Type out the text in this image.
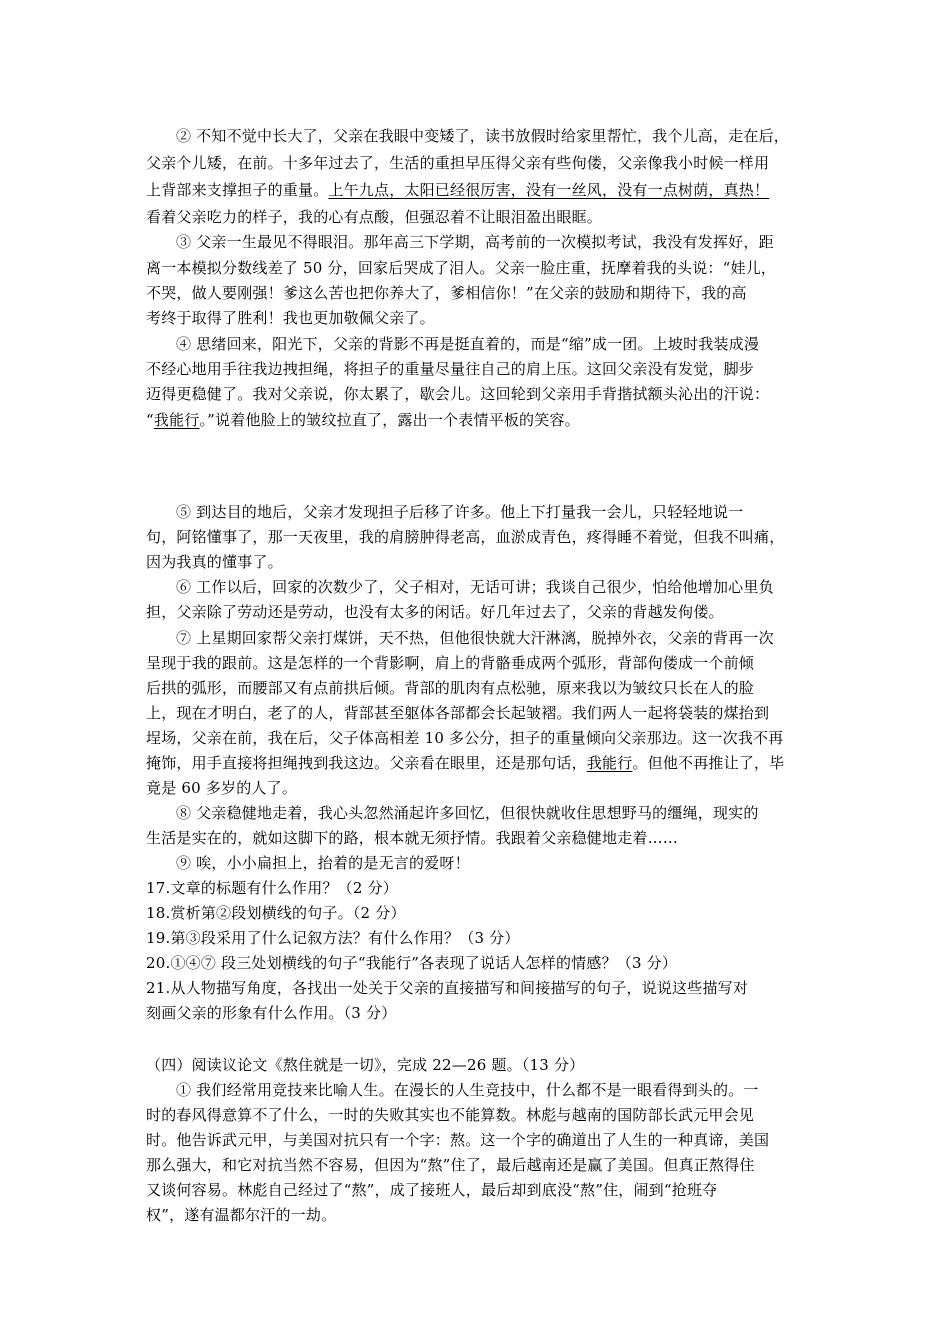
② 不知不觉中长大了，父亲在我眼中变矮了，读书放假时给家里帮忙，我个儿高，走在后，
父亲个儿矮，在前。十多年过去了，生活的重担早压得父亲有些佝偻，父亲像我小时候一样用
上背部来支撑担子的重量。上午九点，太阳已经很厉害，没有一丝风，没有一点树荫，真热！
看着父亲吃力的样子，我的心有点酸，但强忍着不让眼泪盈出眼眶。
③ 父亲一生最见不得眼泪。那年高三下学期，高考前的一次模拟考试，我没有发挥好，距
离一本模拟分数线差了 50 分，回家后哭成了泪人。父亲一脸庄重，抚摩着我的头说：“娃儿，
不哭，做人要刚强！爹这么苦也把你养大了，爹相信你！”在父亲的鼓励和期待下，我的高
考终于取得了胜利！我也更加敬佩父亲了。
④ 思绪回来，阳光下，父亲的背影不再是挺直着的，而是“缩”成一团。上坡时我装成漫
不经心地用手往我边拽担绳，将担子的重量尽量往自己的肩上压。这回父亲没有发觉，脚步
迈得更稳健了。我对父亲说，你太累了，歇会儿。这回轮到父亲用手背揩拭额头沁出的汗说：
“我能行。”说着他脸上的皱纹拉直了，露出一个表情平板的笑容。
⑤ 到达目的地后，父亲才发现担子后移了许多。他上下打量我一会儿，只轻轻地说一
句，阿铭懂事了，那一天夜里，我的肩膀肿得老高，血淤成青色，疼得睡不着觉，但我不叫痛，
因为我真的懂事了。
⑥ 工作以后，回家的次数少了，父子相对，无话可讲；我谈自己很少，怕给他增加心里负
担，父亲除了劳动还是劳动，也没有太多的闲话。好几年过去了，父亲的背越发佝偻。
⑦ 上星期回家帮父亲打煤饼，天不热，但他很快就大汗淋漓，脱掉外衣，父亲的背再一次
呈现于我的跟前。这是怎样的一个背影啊，肩上的背骼垂成两个弧形，背部佝偻成一个前倾
后拱的弧形，而腰部又有点前拱后倾。背部的肌肉有点松驰，原来我以为皱纹只长在人的脸
上，现在才明白，老了的人，背部甚至躯体各部都会长起皱褶。我们两人一起将袋装的煤抬到
埕场，父亲在前，我在后，父子体高相差 10 多公分，担子的重量倾向父亲那边。这一次我不再
掩饰，用手直接将担绳拽到我这边。父亲看在眼里，还是那句话，我能行。但他不再推让了，毕
竟是 60 多岁的人了。
⑧ 父亲稳健地走着，我心头忽然涌起许多回忆，但很快就收住思想野马的缰绳，现实的
生活是实在的，就如这脚下的路，根本就无须抒情。我跟着父亲稳健地走着……
⑨ 唉，小小扁担上，抬着的是无言的爱呀！
17.文章的标题有什么作用？（2 分）
18.赏析第②段划横线的句子。（2 分）
19.第③段采用了什么记叙方法？有什么作用？（3 分）
20.①④⑦ 段三处划横线的句子“我能行”各表现了说话人怎样的情感？（3 分）
21.从人物描写角度，各找出一处关于父亲的直接描写和间接描写的句子，说说这些描写对
刻画父亲的形象有什么作用。（3 分）
（四）阅读议论文《熬住就是一切》，完成 22—26 题。（13 分）
① 我们经常用竞技来比喻人生。在漫长的人生竞技中，什么都不是一眼看得到头的。一
时的春风得意算不了什么，一时的失败其实也不能算数。林彪与越南的国防部长武元甲会见
时。他告诉武元甲，与美国对抗只有一个字：熬。这一个字的确道出了人生的一种真谛，美国
那么强大，和它对抗当然不容易，但因为“熬”住了，最后越南还是赢了美国。但真正熬得住
又谈何容易。林彪自己经过了“熬”，成了接班人，最后却到底没“熬”住，闹到“抢班夺
权”，遂有温都尔汗的一劫。
